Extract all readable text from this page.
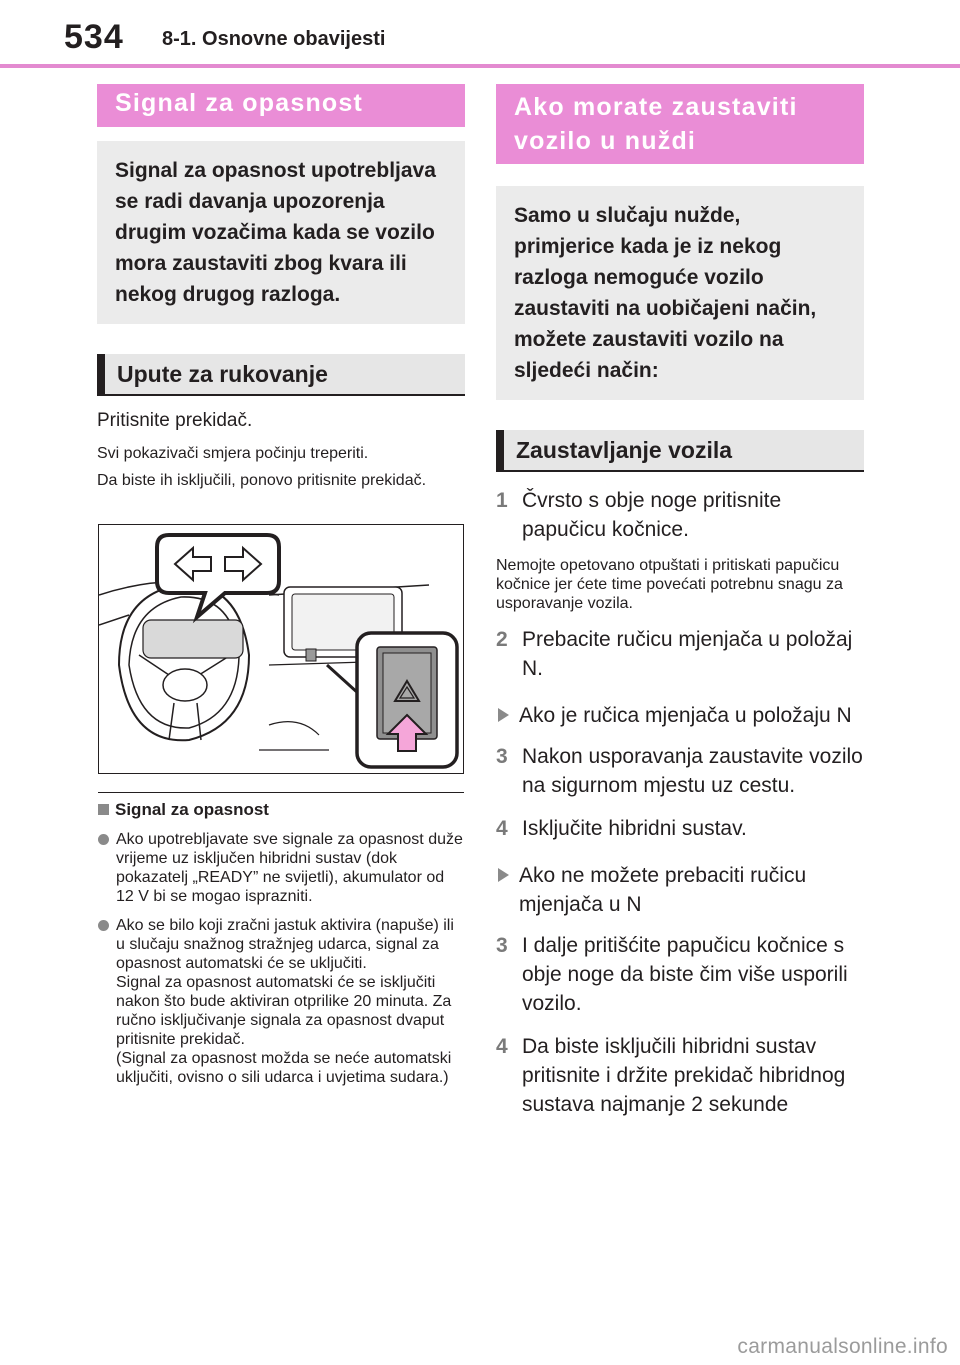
534 8-1. Osnovne obavijesti
Signal za opasnost
Signal za opasnost upotrebljava se radi davanja upozorenja drugim vozačima kada se vozilo mora zaustaviti zbog kvara ili nekog drugog razloga.
Upute za rukovanje
Pritisnite prekidač.
Svi pokazivači smjera počinju treperiti.
Da biste ih isključili, ponovo pritisnite prekidač.
Signal za opasnost
Ako upotrebljavate sve signale za opasnost duže vrijeme uz isključen hibridni sustav (dok pokazatelj „READY” ne svijetli), akumulator od 12 V bi se mogao isprazniti.
Ako se bilo koji zračni jastuk aktivira (napuše) ili u slučaju snažnog stražnjeg udarca, signal za opasnost automatski će se uključiti.
Signal za opasnost automatski će se isključiti nakon što bude aktiviran otprilike 20 minuta. Za ručno isključivanje signala za opasnost dvaput pritisnite prekidač.
(Signal za opasnost možda se neće automatski uključiti, ovisno o sili udarca i uvjetima sudara.)
Ako morate zaustaviti vozilo u nuždi
Samo u slučaju nužde, primjerice kada je iz nekog razloga nemoguće vozilo zaustaviti na uobičajeni način, možete zaustaviti vozilo na sljedeći način:
Zaustavljanje vozila
1 Čvrsto s obje noge pritisnite papučicu kočnice.
Nemojte opetovano otpuštati i pritiskati papučicu kočnice jer ćete time povećati potrebnu snagu za usporavanje vozila.
2 Prebacite ručicu mjenjača u položaj N.
Ako je ručica mjenjača u položaju N
3 Nakon usporavanja zaustavite vozilo na sigurnom mjestu uz cestu.
4 Isključite hibridni sustav.
Ako ne možete prebaciti ručicu mjenjača u N
3 I dalje pritišćite papučicu kočnice s obje noge da biste čim više usporili vozilo.
4 Da biste isključili hibridni sustav pritisnite i držite prekidač hibridnog sustava najmanje 2 sekunde
carmanualsonline.info
